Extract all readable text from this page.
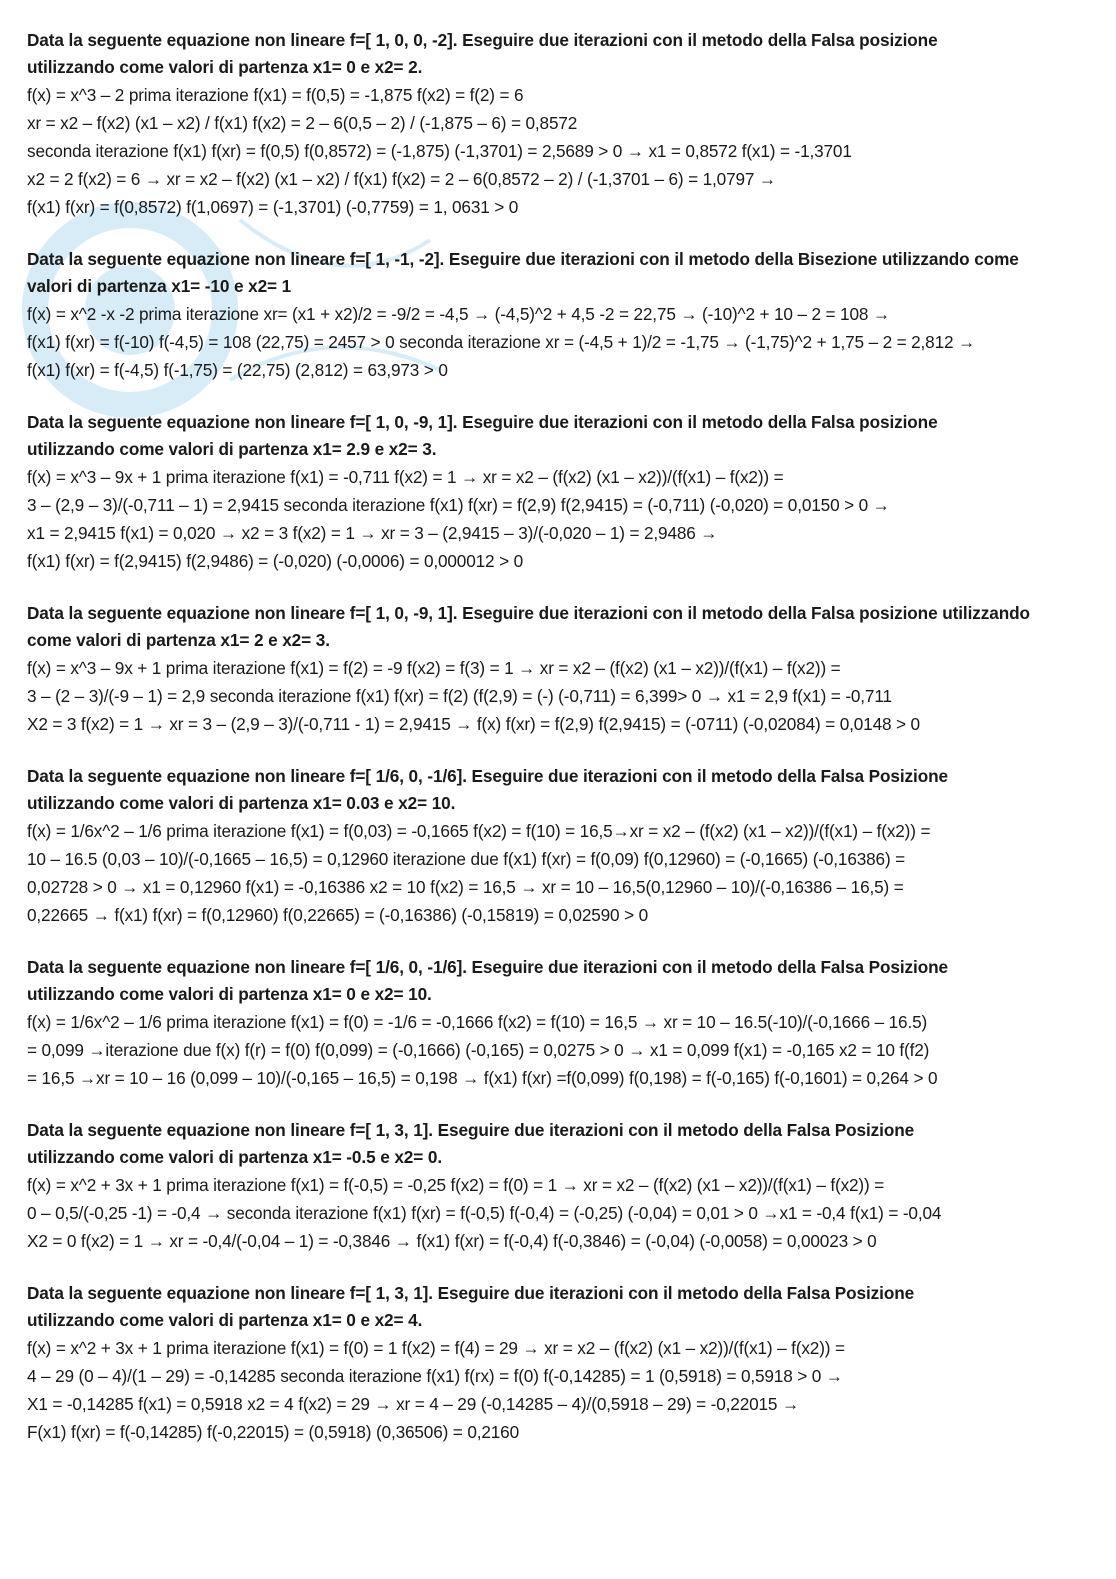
Data la seguente equazione non lineare f=[ 1, 0, 0, -2]. Eseguire due iterazioni con il metodo della Falsa posizione

utilizzando come valori di partenza x1= 0 e x2= 2.

f(x) = x^3 – 2 prima iterazione f(x1) = f(0,5) = -1,875 f(x2) = f(2) = 6

xr = x2 – f(x2) (x1 – x2) / f(x1) f(x2) = 2 – 6(0,5 – 2) / (-1,875 – 6) = 0,8572

seconda iterazione f(x1) f(xr) = f(0,5) f(0,8572) = (-1,875) (-1,3701) = 2,5689 > 0 → x1 = 0,8572 f(x1) = -1,3701

x2 = 2 f(x2) = 6 → xr = x2 – f(x2) (x1 – x2) / f(x1) f(x2) = 2 – 6(0,8572 – 2) / (-1,3701 – 6) = 1,0797 →

f(x1) f(xr) = f(0,8572) f(1,0697) = (-1,3701) (-0,7759) = 1, 0631 > 0

Data la seguente equazione non lineare f=[ 1, -1, -2]. Eseguire due iterazioni con il metodo della Bisezione utilizzando come

valori di partenza x1= -10 e x2= 1

f(x) = x^2 -x -2 prima iterazione xr= (x1 + x2)/2 = -9/2 = -4,5 → (-4,5)^2 + 4,5 -2 = 22,75 → (-10)^2 + 10 – 2 = 108 →

f(x1) f(xr) = f(-10) f(-4,5) = 108 (22,75) = 2457 > 0 seconda iterazione xr = (-4,5 + 1)/2 = -1,75 → (-1,75)^2 + 1,75 – 2 = 2,812 →

f(x1) f(xr) = f(-4,5) f(-1,75) = (22,75) (2,812) = 63,973 > 0

Data la seguente equazione non lineare f=[ 1, 0, -9, 1]. Eseguire due iterazioni con il metodo della Falsa posizione

utilizzando come valori di partenza x1= 2.9 e x2= 3.

f(x) = x^3 – 9x + 1 prima iterazione f(x1) = -0,711 f(x2) = 1 → xr = x2 – (f(x2) (x1 – x2))/(f(x1) – f(x2)) =

3 – (2,9 – 3)/(-0,711 – 1) = 2,9415 seconda iterazione f(x1) f(xr) = f(2,9) f(2,9415) = (-0,711) (-0,020) = 0,0150 > 0 →

x1 = 2,9415 f(x1) = 0,020 → x2 = 3 f(x2) = 1 → xr = 3 – (2,9415 – 3)/(-0,020 – 1) = 2,9486 →

f(x1) f(xr) = f(2,9415) f(2,9486) = (-0,020) (-0,0006) = 0,000012 > 0

Data la seguente equazione non lineare f=[ 1, 0, -9, 1]. Eseguire due iterazioni con il metodo della Falsa posizione utilizzando

come valori di partenza x1= 2 e x2= 3.

f(x) = x^3 – 9x + 1 prima iterazione f(x1) = f(2) = -9 f(x2) = f(3) = 1 → xr = x2 – (f(x2) (x1 – x2))/(f(x1) – f(x2)) =

3 – (2 – 3)/(-9 – 1) = 2,9 seconda iterazione f(x1) f(xr) = f(2) (f(2,9) = (-) (-0,711) = 6,399> 0 → x1 = 2,9 f(x1) = -0,711

X2 = 3 f(x2) = 1 → xr = 3 – (2,9 – 3)/(-0,711 - 1) = 2,9415 → f(x) f(xr) = f(2,9) f(2,9415) = (-0711) (-0,02084) = 0,0148 > 0

Data la seguente equazione non lineare f=[ 1/6, 0, -1/6]. Eseguire due iterazioni con il metodo della Falsa Posizione

utilizzando come valori di partenza x1= 0.03 e x2= 10.

f(x) = 1/6x^2 – 1/6 prima iterazione f(x1) = f(0,03) = -0,1665 f(x2) = f(10) = 16,5→xr = x2 – (f(x2) (x1 – x2))/(f(x1) – f(x2)) =

10 – 16.5 (0,03 – 10)/(-0,1665 – 16,5) = 0,12960 iterazione due f(x1) f(xr) = f(0,09) f(0,12960) = (-0,1665) (-0,16386) =

0,02728 > 0 → x1 = 0,12960 f(x1) = -0,16386 x2 = 10 f(x2) = 16,5 → xr = 10 – 16,5(0,12960 – 10)/(-0,16386 – 16,5) =

0,22665 → f(x1) f(xr) = f(0,12960) f(0,22665) = (-0,16386) (-0,15819) = 0,02590 > 0

Data la seguente equazione non lineare f=[ 1/6, 0, -1/6]. Eseguire due iterazioni con il metodo della Falsa Posizione

utilizzando come valori di partenza x1= 0 e x2= 10.

f(x) = 1/6x^2 – 1/6 prima iterazione f(x1) = f(0) = -1/6 = -0,1666 f(x2) = f(10) = 16,5 → xr = 10 – 16.5(-10)/(-0,1666 – 16.5)

= 0,099 →iterazione due f(x) f(r) = f(0) f(0,099) = (-0,1666) (-0,165) = 0,0275 > 0 → x1 = 0,099 f(x1) = -0,165 x2 = 10 f(f2)

= 16,5 →xr = 10 – 16 (0,099 – 10)/(-0,165 – 16,5) = 0,198 → f(x1) f(xr) =f(0,099) f(0,198) = f(-0,165) f(-0,1601) = 0,264 > 0

Data la seguente equazione non lineare f=[ 1, 3, 1]. Eseguire due iterazioni con il metodo della Falsa Posizione

utilizzando come valori di partenza x1= -0.5 e x2= 0.

f(x) = x^2 + 3x + 1 prima iterazione f(x1) = f(-0,5) = -0,25 f(x2) = f(0) = 1 → xr = x2 – (f(x2) (x1 – x2))/(f(x1) – f(x2)) =

0 – 0,5/(-0,25 -1) = -0,4 → seconda iterazione f(x1) f(xr) = f(-0,5) f(-0,4) = (-0,25) (-0,04) = 0,01 > 0 →x1 = -0,4 f(x1) = -0,04

X2 = 0 f(x2) = 1 → xr = -0,4/(-0,04 – 1) = -0,3846 → f(x1) f(xr) = f(-0,4) f(-0,3846) = (-0,04) (-0,0058) = 0,00023 > 0

Data la seguente equazione non lineare f=[ 1, 3, 1]. Eseguire due iterazioni con il metodo della Falsa Posizione

utilizzando come valori di partenza x1= 0 e x2= 4.

f(x) = x^2 + 3x + 1 prima iterazione f(x1) = f(0) = 1 f(x2) = f(4) = 29 → xr = x2 – (f(x2) (x1 – x2))/(f(x1) – f(x2)) =

4 – 29 (0 – 4)/(1 – 29) = -0,14285 seconda iterazione f(x1) f(rx) = f(0) f(-0,14285) = 1 (0,5918) = 0,5918 > 0 →

X1 = -0,14285 f(x1) = 0,5918 x2 = 4 f(x2) = 29 → xr = 4 – 29 (-0,14285 – 4)/(0,5918 – 29) = -0,22015 →

F(x1) f(xr) = f(-0,14285) f(-0,22015) = (0,5918) (0,36506) = 0,2160
